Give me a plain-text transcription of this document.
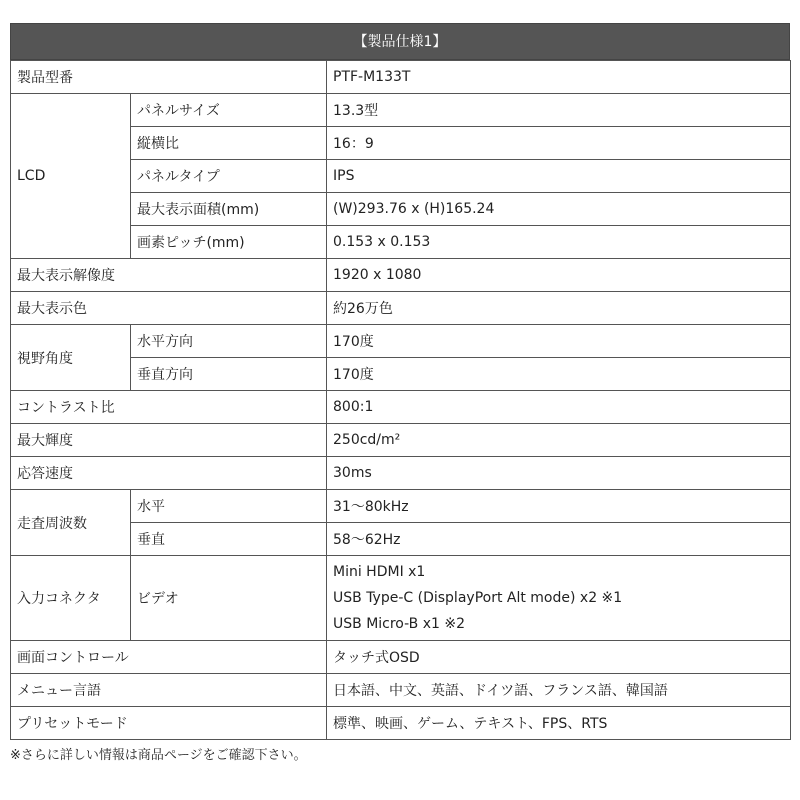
【製品仕様1】
製品型番		PTF-M133T
LCD	パネルサイズ	13.3型
	縦横比	16：9
	パネルタイプ	IPS
	最大表示面積(mm)	(W)293.76 x (H)165.24
	画素ピッチ(mm)	0.153 x 0.153
最大表示解像度		1920 x 1080
最大表示色		約26万色
視野角度	水平方向	170度
	垂直方向	170度
コントラスト比		800:1
最大輝度		250cd/m²
応答速度		30ms
走査周波数	水平	31～80kHz
	垂直	58～62Hz
入力コネクタ	ビデオ	Mini HDMI x1
USB Type-C (DisplayPort Alt mode) x2 ※1
USB Micro-B x1 ※2

画面コントロール		タッチ式OSD
メニュー言語		日本語、中文、英語、ドイツ語、フランス語、韓国語
プリセットモード		標準、映画、ゲーム、テキスト、FPS、RTS
※さらに詳しい情報は商品ページをご確認下さい。
